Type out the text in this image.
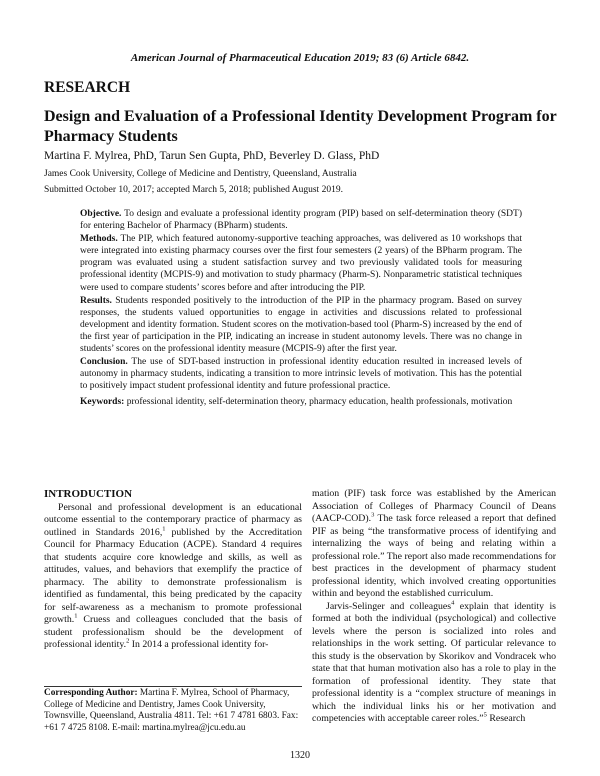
American Journal of Pharmaceutical Education 2019; 83 (6) Article 6842.
RESEARCH
Design and Evaluation of a Professional Identity Development Program for Pharmacy Students
Martina F. Mylrea, PhD, Tarun Sen Gupta, PhD, Beverley D. Glass, PhD
James Cook University, College of Medicine and Dentistry, Queensland, Australia
Submitted October 10, 2017; accepted March 5, 2018; published August 2019.

Objective. To design and evaluate a professional identity program (PIP) based on self-determination theory (SDT) for entering Bachelor of Pharmacy (BPharm) students.

Methods. The PIP, which featured autonomy-supportive teaching approaches, was delivered as 10 workshops that were integrated into existing pharmacy courses over the first four semesters (2 years) of the BPharm program. The program was evaluated using a student satisfaction survey and two previously validated tools for measuring professional identity (MCPIS-9) and motivation to study pharmacy (Pharm-S). Nonparametric statistical techniques were used to compare students’ scores before and after introducing the PIP.

Results. Students responded positively to the introduction of the PIP in the pharmacy program. Based on survey responses, the students valued opportunities to engage in activities and discussions related to professional development and identity formation. Student scores on the motivation-based tool (Pharm-S) increased by the end of the first year of participation in the PIP, indicating an increase in student autonomy levels. There was no change in students’ scores on the professional identity measure (MCPIS-9) after the first year.

Conclusion. The use of SDT-based instruction in professional identity education resulted in increased levels of autonomy in pharmacy students, indicating a transition to more intrinsic levels of motivation. This has the potential to positively impact student professional identity and future professional practice.

Keywords: professional identity, self-determination theory, pharmacy education, health professionals, motivation

INTRODUCTION

Personal and professional development is an educational outcome essential to the contemporary practice of pharmacy as outlined in Standards 2016,$^1$ published by the Accreditation Council for Pharmacy Education (ACPE). Standard 4 requires that students acquire core knowledge and skills, as well as attitudes, values, and behaviors that exemplify the practice of pharmacy. The ability to demonstrate professionalism is identified as fundamental, this being predicated by the capacity for self-awareness as a mechanism to promote professional growth.$^1$ Cruess and colleagues concluded that the basis of student professionalism should be the development of professional identity.$^2$ In 2014 a professional identity for-

mation (PIF) task force was established by the American Association of Colleges of Pharmacy Council of Deans (AACP-COD).$^3$ The task force released a report that defined PIF as being “the transformative process of identifying and internalizing the ways of being and relating within a professional role.” The report also made recommendations for best practices in the development of pharmacy student professional identity, which involved creating opportunities within and beyond the established curriculum.

Jarvis-Selinger and colleagues$^4$ explain that identity is formed at both the individual (psychological) and collective levels where the person is socialized into roles and relationships in the work setting. Of particular relevance to this study is the observation by Skorikov and Vondracek who state that that human motivation also has a role to play in the formation of professional identity. They state that professional identity is a “complex structure of meanings in which the individual links his or her motivation and competencies with acceptable career roles.”$^5$ Research

Corresponding Author: Martina F. Mylrea, School of Pharmacy, College of Medicine and Dentistry, James Cook University, Townsville, Queensland, Australia 4811. Tel: +61 7 4781 6803. Fax: +61 7 4725 8108. E-mail: martina.mylrea@jcu.edu.au
1320
